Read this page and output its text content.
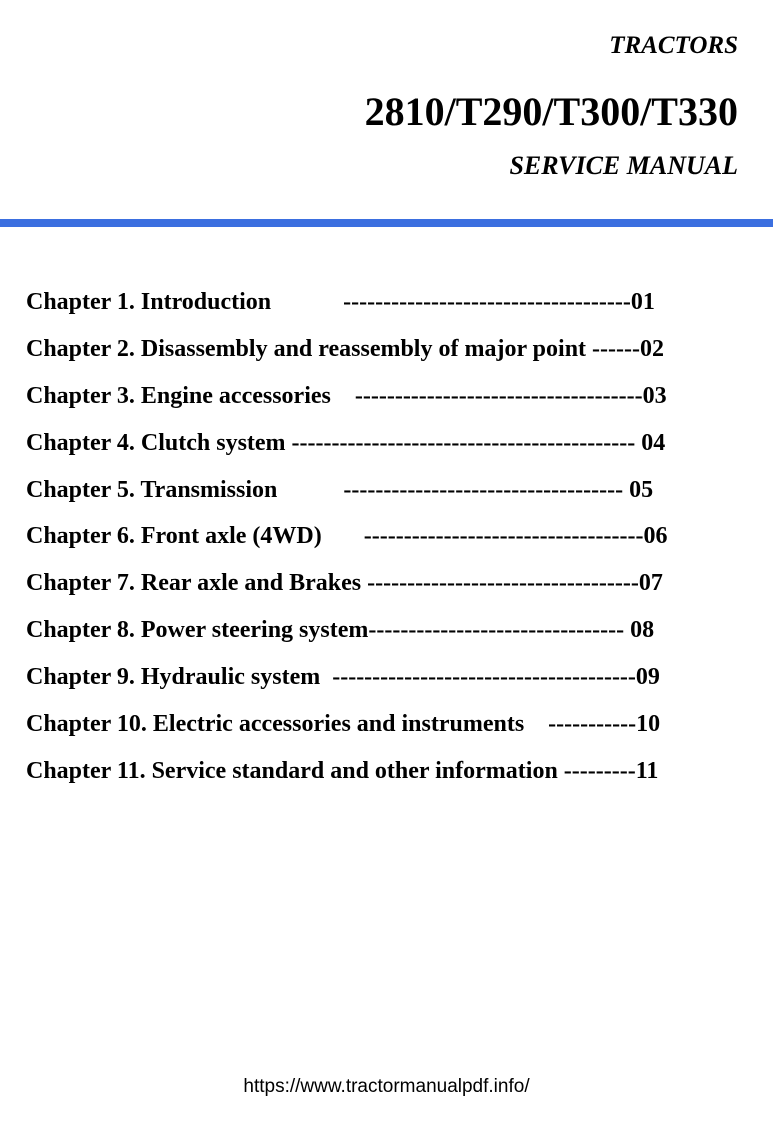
TRACTORS
2810/T290/T300/T330
SERVICE MANUAL
Chapter 1. Introduction            ------------------------------------01
Chapter 2. Disassembly and reassembly of major point ------02
Chapter 3. Engine accessories    ------------------------------------03
Chapter 4. Clutch system ------------------------------------------- 04
Chapter 5. Transmission           ----------------------------------- 05
Chapter 6. Front axle (4WD)       -----------------------------------06
Chapter 7. Rear axle and Brakes ----------------------------------07
Chapter 8. Power steering system-------------------------------- 08
Chapter 9. Hydraulic system  --------------------------------------09
Chapter 10. Electric accessories and instruments    -----------10
Chapter 11. Service standard and other information ---------11
https://www.tractormanualpdf.info/
